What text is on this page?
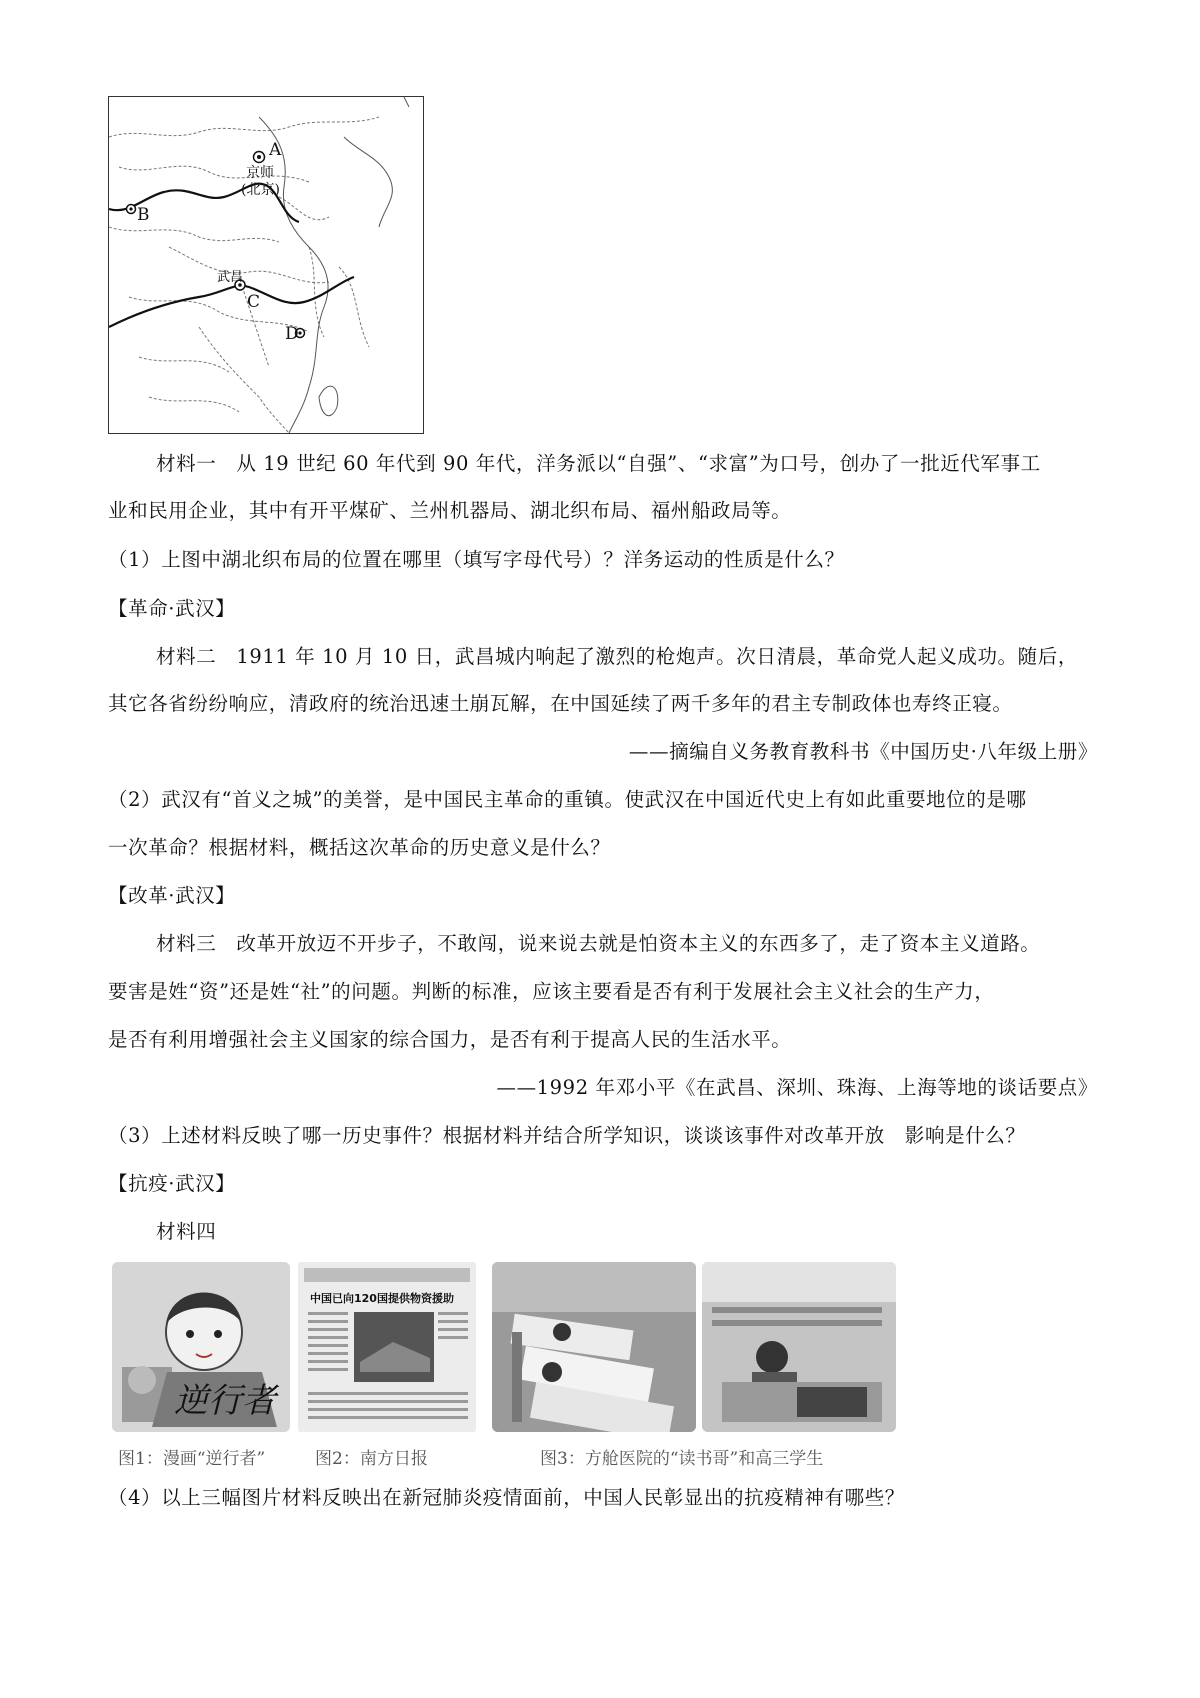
A
B
C
D
京师
(北京)
武昌
材料一　从 19 世纪 60 年代到 90 年代，洋务派以“自强”、“求富”为口号，创办了一批近代军事工
业和民用企业，其中有开平煤矿、兰州机器局、湖北织布局、福州船政局等。
（1）上图中湖北织布局的位置在哪里（填写字母代号）？洋务运动的性质是什么？
【革命·武汉】
材料二　1911 年 10 月 10 日，武昌城内响起了激烈的枪炮声。次日清晨，革命党人起义成功。随后，
其它各省纷纷响应，清政府的统治迅速土崩瓦解，在中国延续了两千多年的君主专制政体也寿终正寝。
——摘编自义务教育教科书《中国历史·八年级上册》
（2）武汉有“首义之城”的美誉，是中国民主革命的重镇。使武汉在中国近代史上有如此重要地位的是哪
一次革命？根据材料，概括这次革命的历史意义是什么？
【改革·武汉】
材料三　改革开放迈不开步子，不敢闯，说来说去就是怕资本主义的东西多了，走了资本主义道路。
要害是姓“资”还是姓“社”的问题。判断的标准，应该主要看是否有利于发展社会主义社会的生产力，
是否有利用增强社会主义国家的综合国力，是否有利于提高人民的生活水平。
——1992 年邓小平《在武昌、深圳、珠海、上海等地的谈话要点》
（3）上述材料反映了哪一历史事件？根据材料并结合所学知识，谈谈该事件对改革开放　影响是什么？
【抗疫·武汉】
材料四
逆行者
中国已向120国提供物资援助
图1：漫画“逆行者”	图2：南方日报	图3：方舱医院的“读书哥”和高三学生
（4）以上三幅图片材料反映出在新冠肺炎疫情面前，中国人民彰显出的抗疫精神有哪些？
